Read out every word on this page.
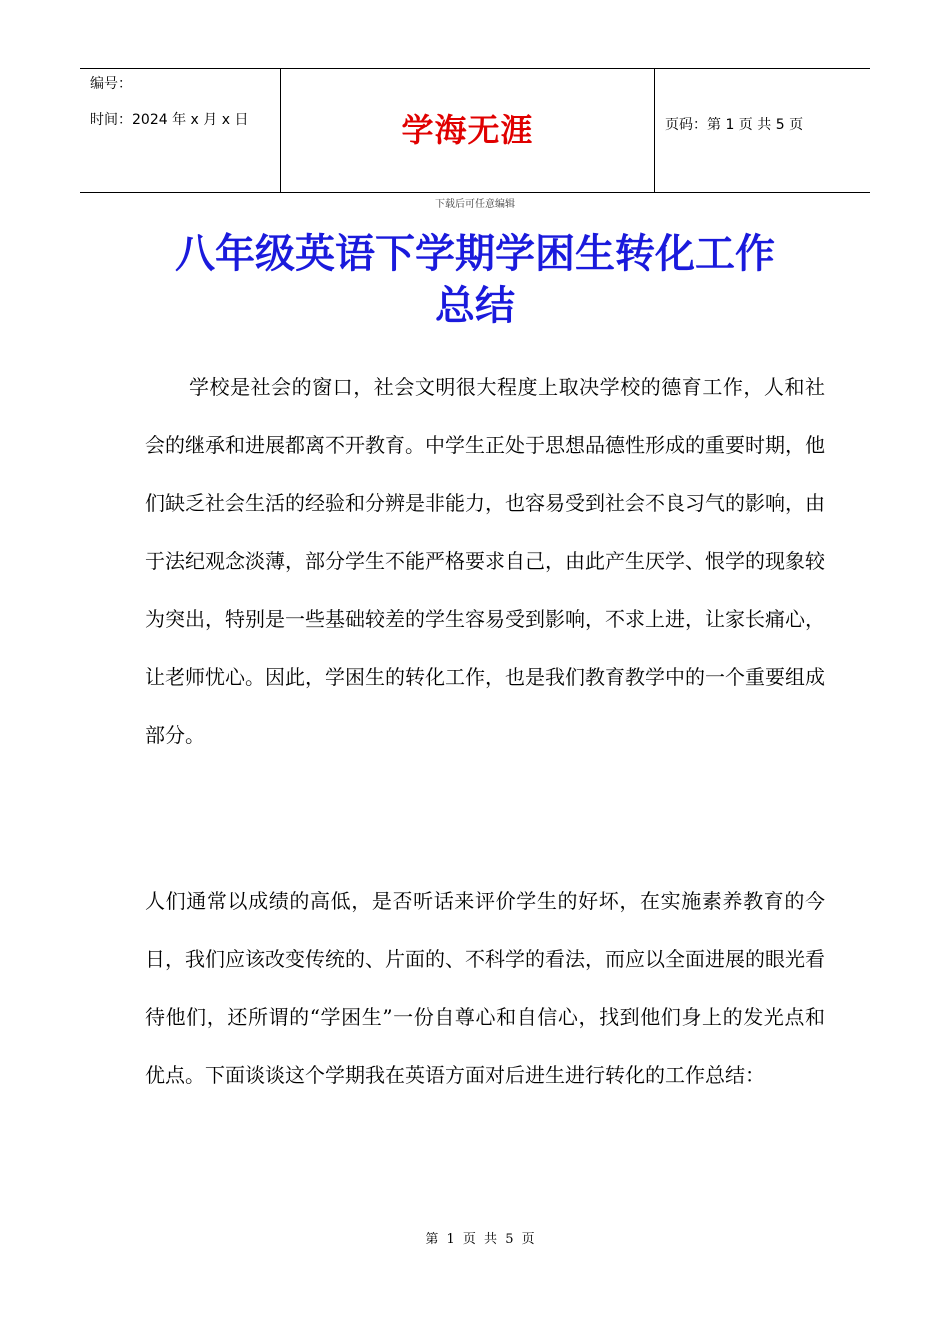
编号：
时间：2024 年 x 月 x 日	学海无涯	页码：第 1 页 共 5 页
下载后可任意编辑
八年级英语下学期学困生转化工作
总结
学校是社会的窗口，社会文明很大程度上取决学校的德育工作，人和社会的继承和进展都离不开教育。中学生正处于思想品德性形成的重要时期，他们缺乏社会生活的经验和分辨是非能力，也容易受到社会不良习气的影响，由于法纪观念淡薄，部分学生不能严格要求自己，由此产生厌学、恨学的现象较为突出，特别是一些基础较差的学生容易受到影响，不求上进，让家长痛心，让老师忧心。因此，学困生的转化工作，也是我们教育教学中的一个重要组成部分。
人们通常以成绩的高低，是否听话来评价学生的好坏，在实施素养教育的今日，我们应该改变传统的、片面的、不科学的看法，而应以全面进展的眼光看待他们，还所谓的“学困生”一份自尊心和自信心，找到他们身上的发光点和优点。下面谈谈这个学期我在英语方面对后进生进行转化的工作总结：
第 1 页 共 5 页
